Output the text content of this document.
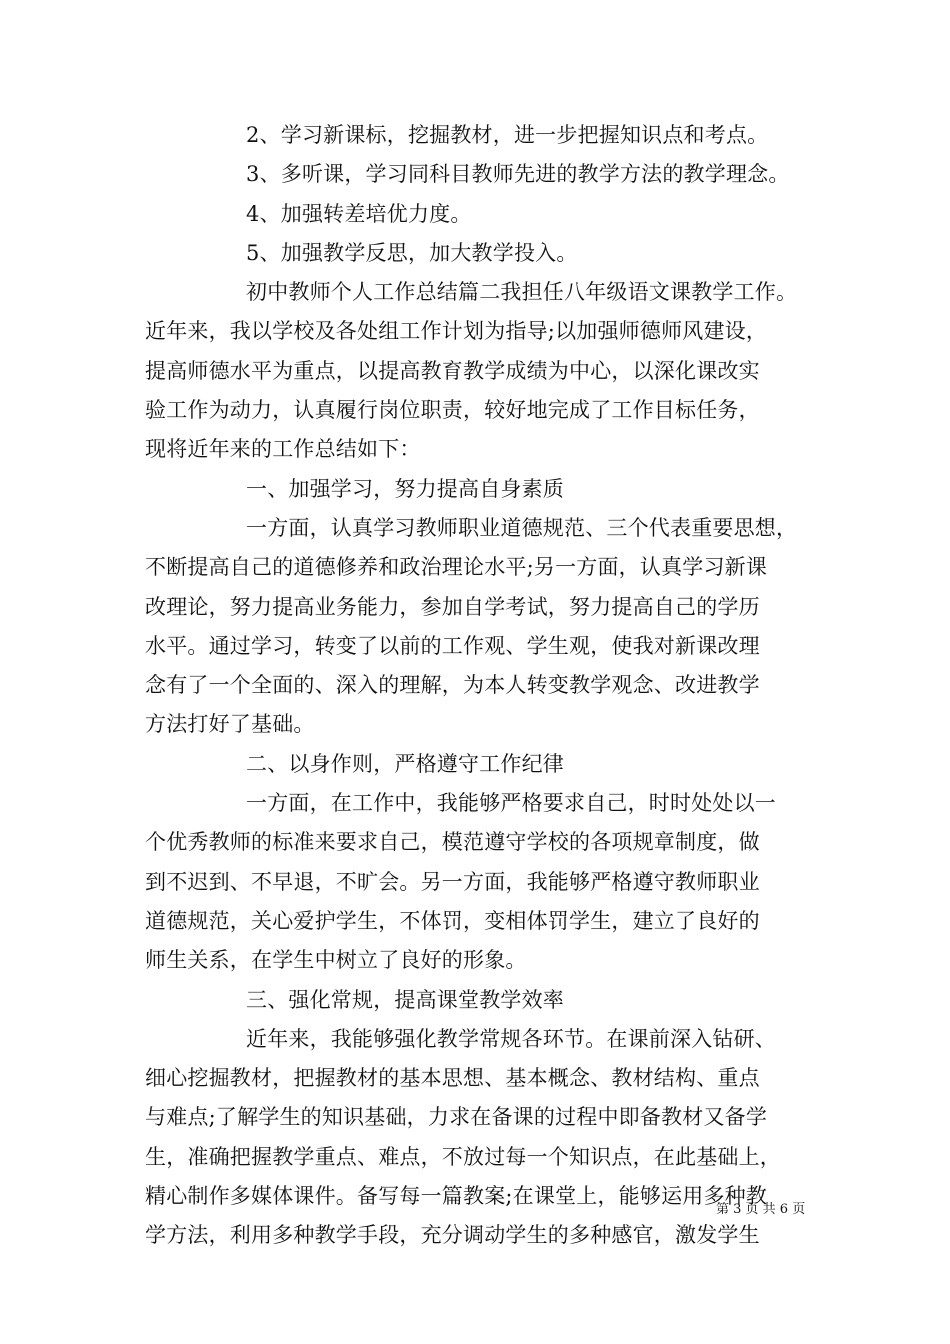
2、学习新课标，挖掘教材，进一步把握知识点和考点。
3、多听课，学习同科目教师先进的教学方法的教学理念。
4、加强转差培优力度。
5、加强教学反思，加大教学投入。
初中教师个人工作总结篇二我担任八年级语文课教学工作。
近年来，我以学校及各处组工作计划为指导;以加强师德师风建设，
提高师德水平为重点，以提高教育教学成绩为中心，以深化课改实
验工作为动力，认真履行岗位职责，较好地完成了工作目标任务，
现将近年来的工作总结如下：
一、加强学习，努力提高自身素质
一方面，认真学习教师职业道德规范、三个代表重要思想，
不断提高自己的道德修养和政治理论水平;另一方面，认真学习新课
改理论，努力提高业务能力，参加自学考试，努力提高自己的学历
水平。通过学习，转变了以前的工作观、学生观，使我对新课改理
念有了一个全面的、深入的理解，为本人转变教学观念、改进教学
方法打好了基础。
二、以身作则，严格遵守工作纪律
一方面，在工作中，我能够严格要求自己，时时处处以一
个优秀教师的标准来要求自己，模范遵守学校的各项规章制度，做
到不迟到、不早退，不旷会。另一方面，我能够严格遵守教师职业
道德规范，关心爱护学生，不体罚，变相体罚学生，建立了良好的
师生关系，在学生中树立了良好的形象。
三、强化常规，提高课堂教学效率
近年来，我能够强化教学常规各环节。在课前深入钻研、
细心挖掘教材，把握教材的基本思想、基本概念、教材结构、重点
与难点;了解学生的知识基础，力求在备课的过程中即备教材又备学
生，准确把握教学重点、难点，不放过每一个知识点，在此基础上，
精心制作多媒体课件。备写每一篇教案;在课堂上，能够运用多种教
学方法，利用多种教学手段，充分调动学生的多种感官，激发学生
第 3 页 共 6 页
